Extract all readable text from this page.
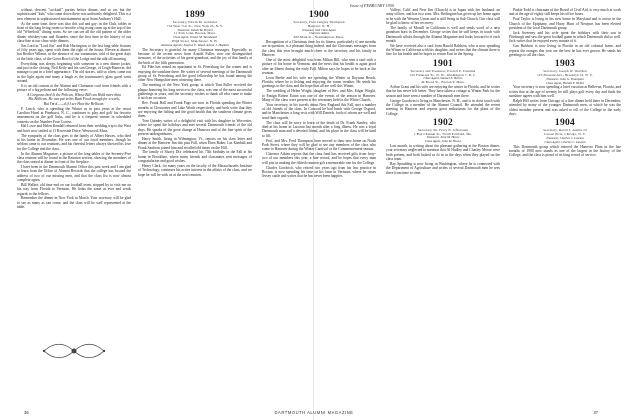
without, descent "cocktail" parties before dinner, and so on, but the sophisticated "kids" who came down there was uniformly delighted. This is a new element in sophisticated entertainment up at Saint Anthony's Hall.

At the same time, there was also this sad and gay: in the Club, tables in front of the long living room so favorite a big rising room up at the top of the old "Wheelock" dining room. So we can see all the old pattern of the older dinner whiskey-sour and flounder, since the first time in the history of our class-line at our class-wide dinners.

Jim Lord in "Lord Jim" and Rob Harrington, to the last long-table fixtures of fifty years ago, spent with them the right of the house. Eleven at dinner: but Brother Wilmot, in the absence of our toastmaster, told of the great days of the little class, of the Great Bowl of the Lodge and the talk till morning.

Everything was sleepy, beginning with someone in a new dinner jacket, and just in the closing, Neil Keily and his son George, of Leigh-Hanover, did manage to put in a brief appearance. The old stories, told so often, came out in the light again and many a laugh as the toastmaster's glass gavel went around.

It is an old custom at the Alumni and Christmas card from friends with a picture of a big pelican and the following verse:

A Gorgeous bird Is the Pelican, Whose Bill can Hold more than His Bellican. He can put in his Beak Food enough for a week, But I'm d——d if I see How the Hellican.

F. Leach, who is spending the Winter as in past years at the resort Carolina Hotel at Pinehurst, N. C., continues to play and golf his favorite amusement on the golf links, and he is a frequent winner in scheduled contests on the Number Four Course.

Hal Lowe and Helen Kendall returned from their wedding trip to the West and have now settled at 11 Riverside Drive, Westwood, Mass.

The sympathy of the class goes to the family of Albert Hawes, who died at his home in December. He was one of our loyal members, though he seldom came to our reunions, and his cheerful letters always showed his love for the College and the class.

In the Alumni Magazine, a picture of the long tables of the Seventy-Five class reunion will be found in the Reunion section, showing the members of the class seated at dinner in front of the fireplace.

I have been in the Dartmouth Alumni Office this past week and I am glad to learn from the Office of Alumni Records that the college has located the address of two of our missing men, and that the class list is now almost complete again.

Bill Walker, old time end on our football team, stopped by to visit me on his way from Florida to Vermont. He looks the same as ever and sends regards to the fellows.

Remember the dinner in New York in March. Your secretary will be glad to see as many as can come, and the class will be well represented at the table.

1899
Secretary, Edwin M. Gonzales
734 West 71st St., New York 23, N. Y.
Treasurer, Edwin M. Bryant
11 Park Lane, Boston, Mass.
Class Agent, Ernest M. Woodward
High Street, Manchester, N. H.
Assistant Agents: Eugene E. Wood, Arthur J. Hopkins

The Secretary is grateful for many Christmas messages. Especially so because of the recent news from Arnold Fuller, now our distinguished treasurer, of the activities of his great-grandson, and the joy of that family at the birth of the fifth generation.

Ed Pike has rented an apartment in St. Petersburg for the winter and is enjoying the sunshine there. He writes of several meetings of the Dartmouth group of St. Petersburg and the good fellowship he has found among the other New Hampshire men wintering there.

The meeting of the New York group, at which Tom Fuller received the plaque honoring his long service to the class, was one of the most successful gatherings in years, and the secretary wishes to thank all who came to make it such an occasion.

Rev. Frank Hall and Frank Page are now in Florida spending the Winter months at Clearwater and Lake Worth respectively, and both write that they are enjoying the fishing and the good health that the southern climate gives them.

Tom Quimby writes of a delightful visit with his daughter in Worcester, where he spent the holidays and met several Dartmouth friends of the old days. He speaks of the great change at Hanover and of the fine spirit of the present undergraduates.

Harry Smith, living in Wilmington, Vt., reports on his class letter and dinner at the Hanover Inn this past Fall, when Eben Baker, Lin Kimball and Frank Sanborn joined him and recalled old times on the Hill.

The family of Shorty Dix celebrated his 75th birthday in the Fall at his home in Brookline, where many friends and classmates sent messages of congratulation and good wishes.

Henry Clark, for many years on the faculty of the Massachusetts Institute of Technology, continues his active interest in the affairs of the class, and we hope he will be with us at the next reunion.

1900
Secretary, Fred Langley Thompson
Hanover, N. H.
Treasurer and Class Agent
Clarence Atkins
200 Main St., Northampton, Mass.

Recognition of a Christmas time for its fitness, particularly if one months are in question, is a pleasant thing indeed, and the Christmas messages from the class this year brought much cheer to the secretary and his family in Hanover.

One of the most delightful was from Milton Bill, who sent a card with a picture of his home in Vermont, and the news that his health is again good after an illness during the early Fall. Milton says he hopes to be back at the reunion.

Leon Beebe and his wife are spending the Winter at Daytona Beach, Florida, where he is fishing and enjoying the warm weather. He sends his greetings to the class and the hope that all are well this Winter.

The wedding of Helen Wright, daughter of Rev. and Mrs. Edgar Wright, to Ensign Robert Eaton was one of the events of the season in Hanover. Many of the class were present at the ceremony held in the White Church.

Your secretary, in his travels about New England this Fall, met a number of old friends of the class. In Concord he had lunch with George Osgood, and in Manchester a long visit with Will Daniels, both of whom are well and send their regards.

The class will be sorry to learn of the death of Dr. Frank Stanley, who died at his home in Laconia last month after a long illness. He was a loyal Dartmouth man and a devoted friend, and his place in the class will be hard to fill.

Prof. and Mrs. Fred Thompson have moved to their new home on North Park Street, where they will be glad to see any members of the class who come to Hanover during the Winter Carnival or the Commencement season.

Clarence Atkins reports that the class fund has received gifts from forty-two of our members this year, a fine record, and he hopes that every man will join in making the fiftieth reunion gift a memorable one for the College.

Charles Goodrich, who retired two years ago from his law practice in Boston, is now spending his time on his farm in Vermont, where he raises Jersey cattle and writes that he has never been happier.

Vallejo, Calif. and New Jim (Church) is in Japan with her husband, an army officer, and has two sons. Mrs. Redington has given up her home again to be with the Western Union and is still living in Salt Church. Our class will be glad to know of her recovery.

The family of Morrill in California is well and sends word of a new grandson born in December. George writes that he still keeps in touch with Dartmouth affairs through the Alumni Magazine and looks forward to it each month.

We have received also a card from Harold Baldwin, who is now spending the Winter in California with his daughter, and writes that the climate there is fine for his health and he hopes to return East in the Spring.

1901
Secretary and Treasurer, Everett E. Eastman
120 Fullerton St., N. W., Washington 7, D. C.
Class Agent, Samuel E. Harris
40 Broad St., Boston 9, Mass.

Arthur Grant and his wife are enjoying the winter in Florida, and he writes that he has never felt better. They have taken a cottage at Winter Park for the season and have seen a number of Dartmouth men there.

George Goodwin is living in Manchester, N. H., and is in close touch with the College as a member of the Alumni Council. He attended the recent meeting in Hanover and reports great enthusiasm for the plans of the College.

1902
Secretary, Dr. Percy N. Jeffersonn
1 Bay Channel St., North Portland, Me.
Treasurer, John M. Hovey
Class Agent, John M. Hovey

Last month, in writing about the pleasant gathering at the Boston dinner, your secretary neglected to mention that Al Hadley and Charley Moore were both present, and both looked as fit as in the days when they played on the class team.

Ray Spaulding is now living in Washington, where he is connected with the Department of Agriculture and writes of several Dartmouth men he sees there from time to time.

Pinkie Todd is chairman of the Board of Civil Aid, is very much at work and at the age of eighty still keeps his office hours.

Paul Taylor is living in his new home in Maryland and is active in the Church of the Epiphany, and Harry Hunt of Newport has been elected president of the local Dartmouth group.

Jack Sweeney and his wife spent the holidays with their son in Pittsburgh and saw the great football game in which Dartmouth did so well. Jack writes that he enjoyed every minute of it.

Gus Baldwin is now living in Florida in an old colonial home, and reports the oranges this year are the best he has ever grown. He sends his greetings to all the class.

1903
Secretary, Joseph W. Worthen
125 Pleasant Ave., Brooklyn 10, N. Y.
Treasurer, John G. Thompson
Class Agent, Harold F. Welles

Your secretary is now spending a brief vacation at Bellevue, Florida, and writes that at the age of seventy he still plays golf every day and finds the sunshine agrees with him well.

Ralph Hill writes from Chicago of a fine dinner held there in December, attended by many of the younger Dartmouth men, at which he was the oldest member present and was asked to tell of the College in the early days.

1904
Secretary, David S. Austin 2d
Carson Pirie, Chicago, N. Y.
Treasurer, Charles C. Lawton
Class Agent, Charles C. Lawton

This Dartmouth group which entered the Hanover Plain in the late months of 1900 now stands as one of the largest in the history of the College, and the class is proud of its long record of service.

36	DARTMOUTH ALUMNI MAGAZINE	37
Issue of FEBRUARY 1950
